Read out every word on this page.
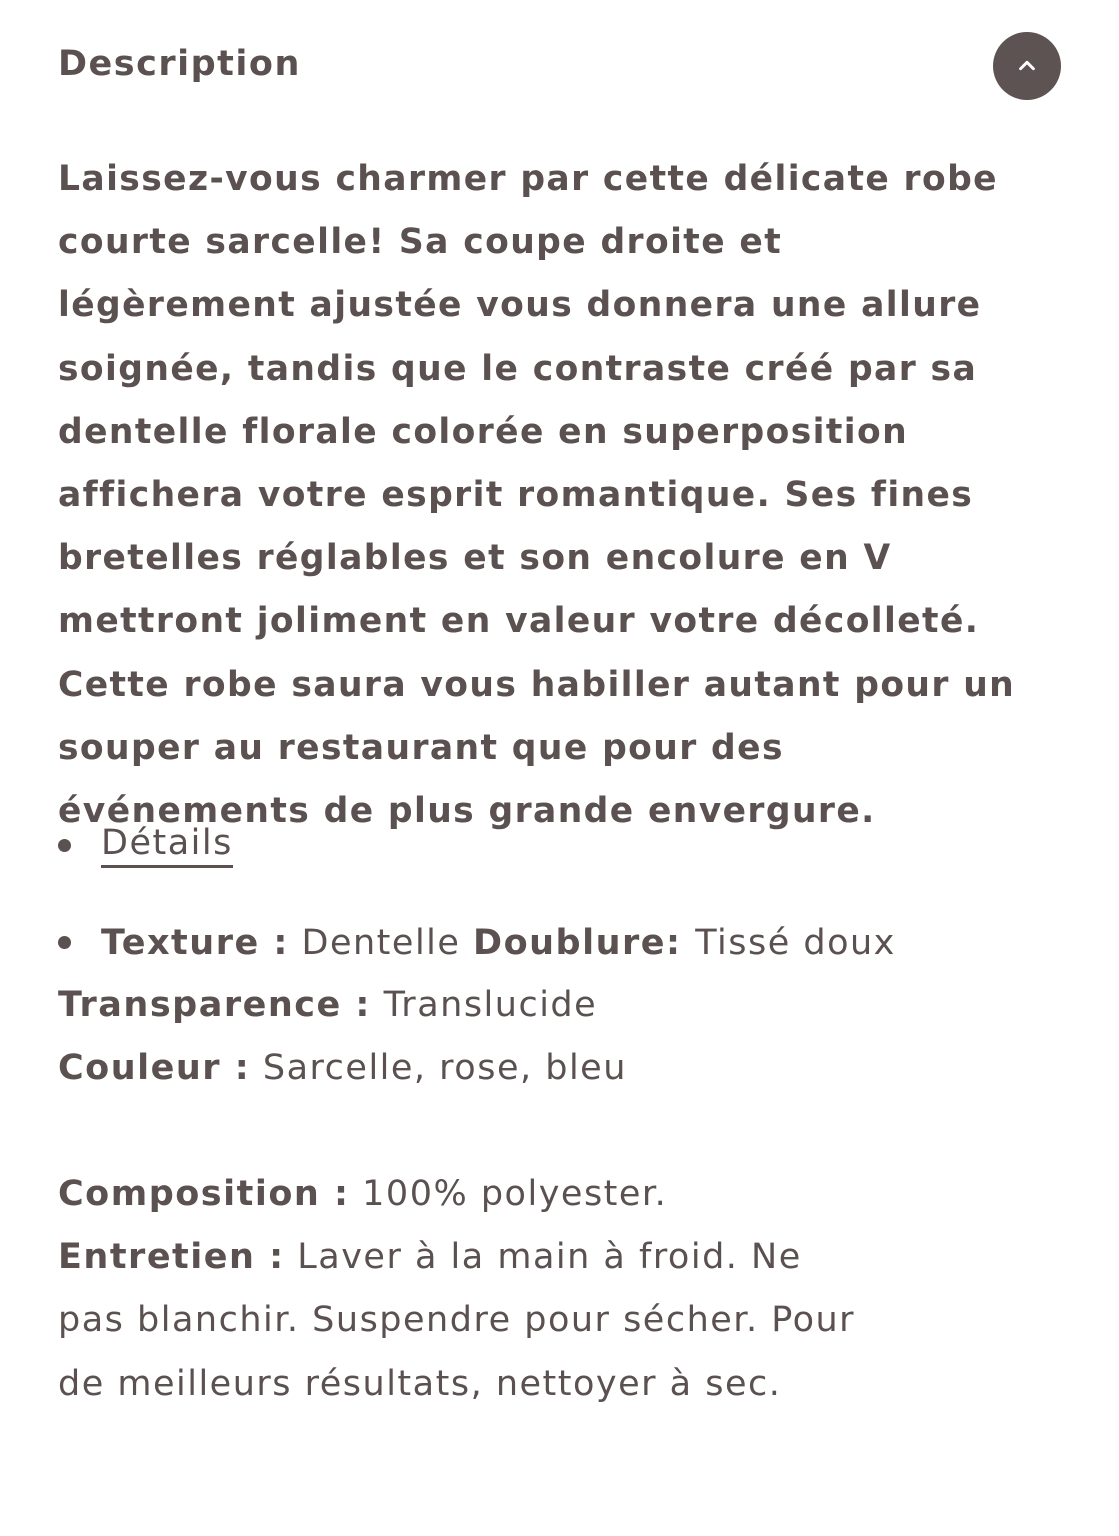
Description

Laissez-vous charmer par cette délicate robe courte sarcelle! Sa coupe droite et légèrement ajustée vous donnera une allure soignée, tandis que le contraste créé par sa dentelle florale colorée en superposition affichera votre esprit romantique. Ses fines bretelles réglables et son encolure en V mettront joliment en valeur votre décolleté. Cette robe saura vous habiller autant pour un souper au restaurant que pour des événements de plus grande envergure.

Détails
Texture : Dentelle Doublure: Tissé doux
Transparence : Translucide
Couleur : Sarcelle, rose, bleu
Composition : 100% polyester.
Entretien : Laver à la main à froid. Ne pas blanchir. Suspendre pour sécher. Pour de meilleurs résultats, nettoyer à sec.
